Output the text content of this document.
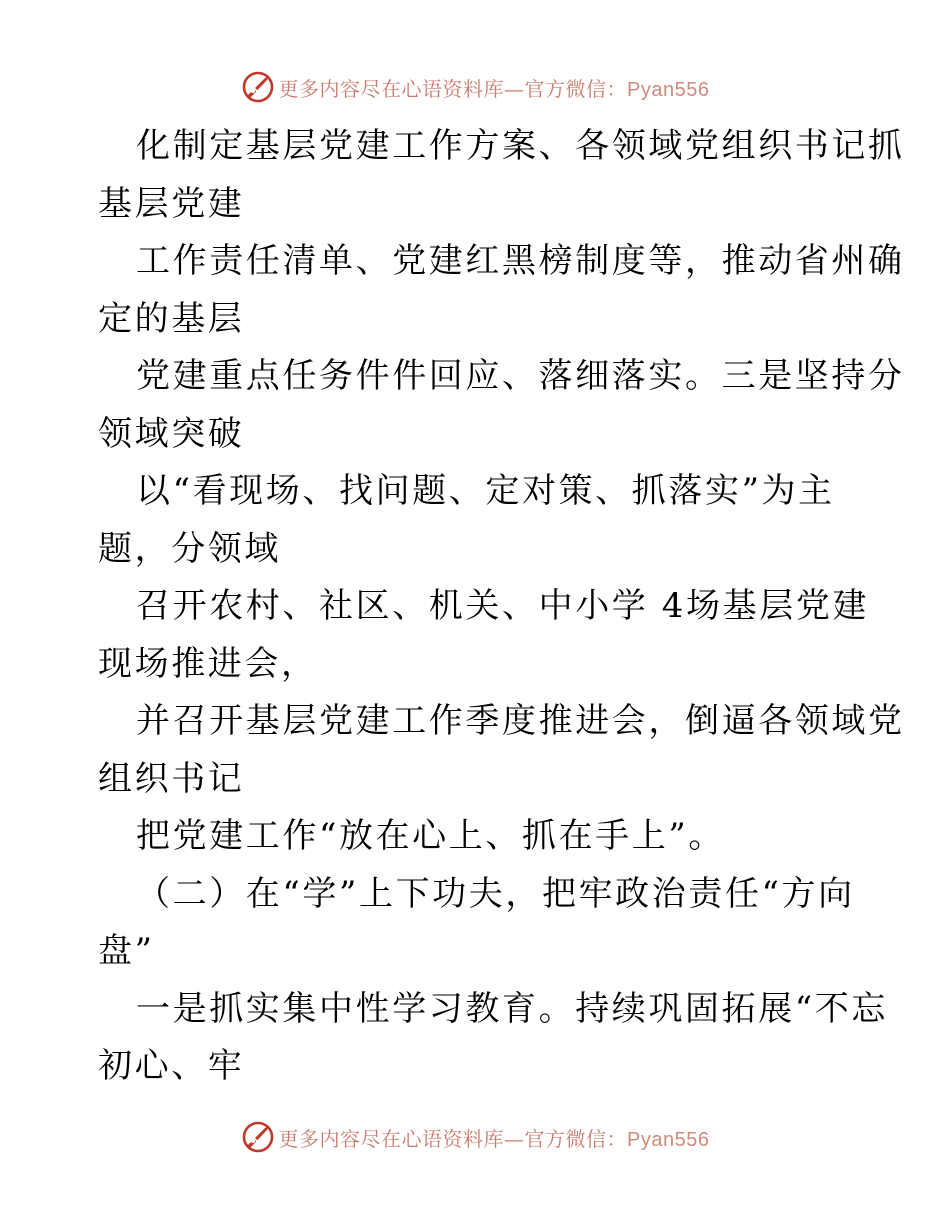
更多内容尽在心语资料库—官方微信：Pyan556
化制定基层党建工作方案、各领域党组织书记抓
基层党建
工作责任清单、党建红黑榜制度等，推动省州确
定的基层
党建重点任务件件回应、落细落实。三是坚持分
领域突破
以“看现场、找问题、定对策、抓落实”为主
题，分领域
召开农村、社区、机关、中小学 4场基层党建
现场推进会，
并召开基层党建工作季度推进会，倒逼各领域党
组织书记
把党建工作“放在心上、抓在手上”。
（二）在“学”上下功夫，把牢政治责任“方向
盘”
一是抓实集中性学习教育。持续巩固拓展“不忘
初心、牢
更多内容尽在心语资料库—官方微信：Pyan556
